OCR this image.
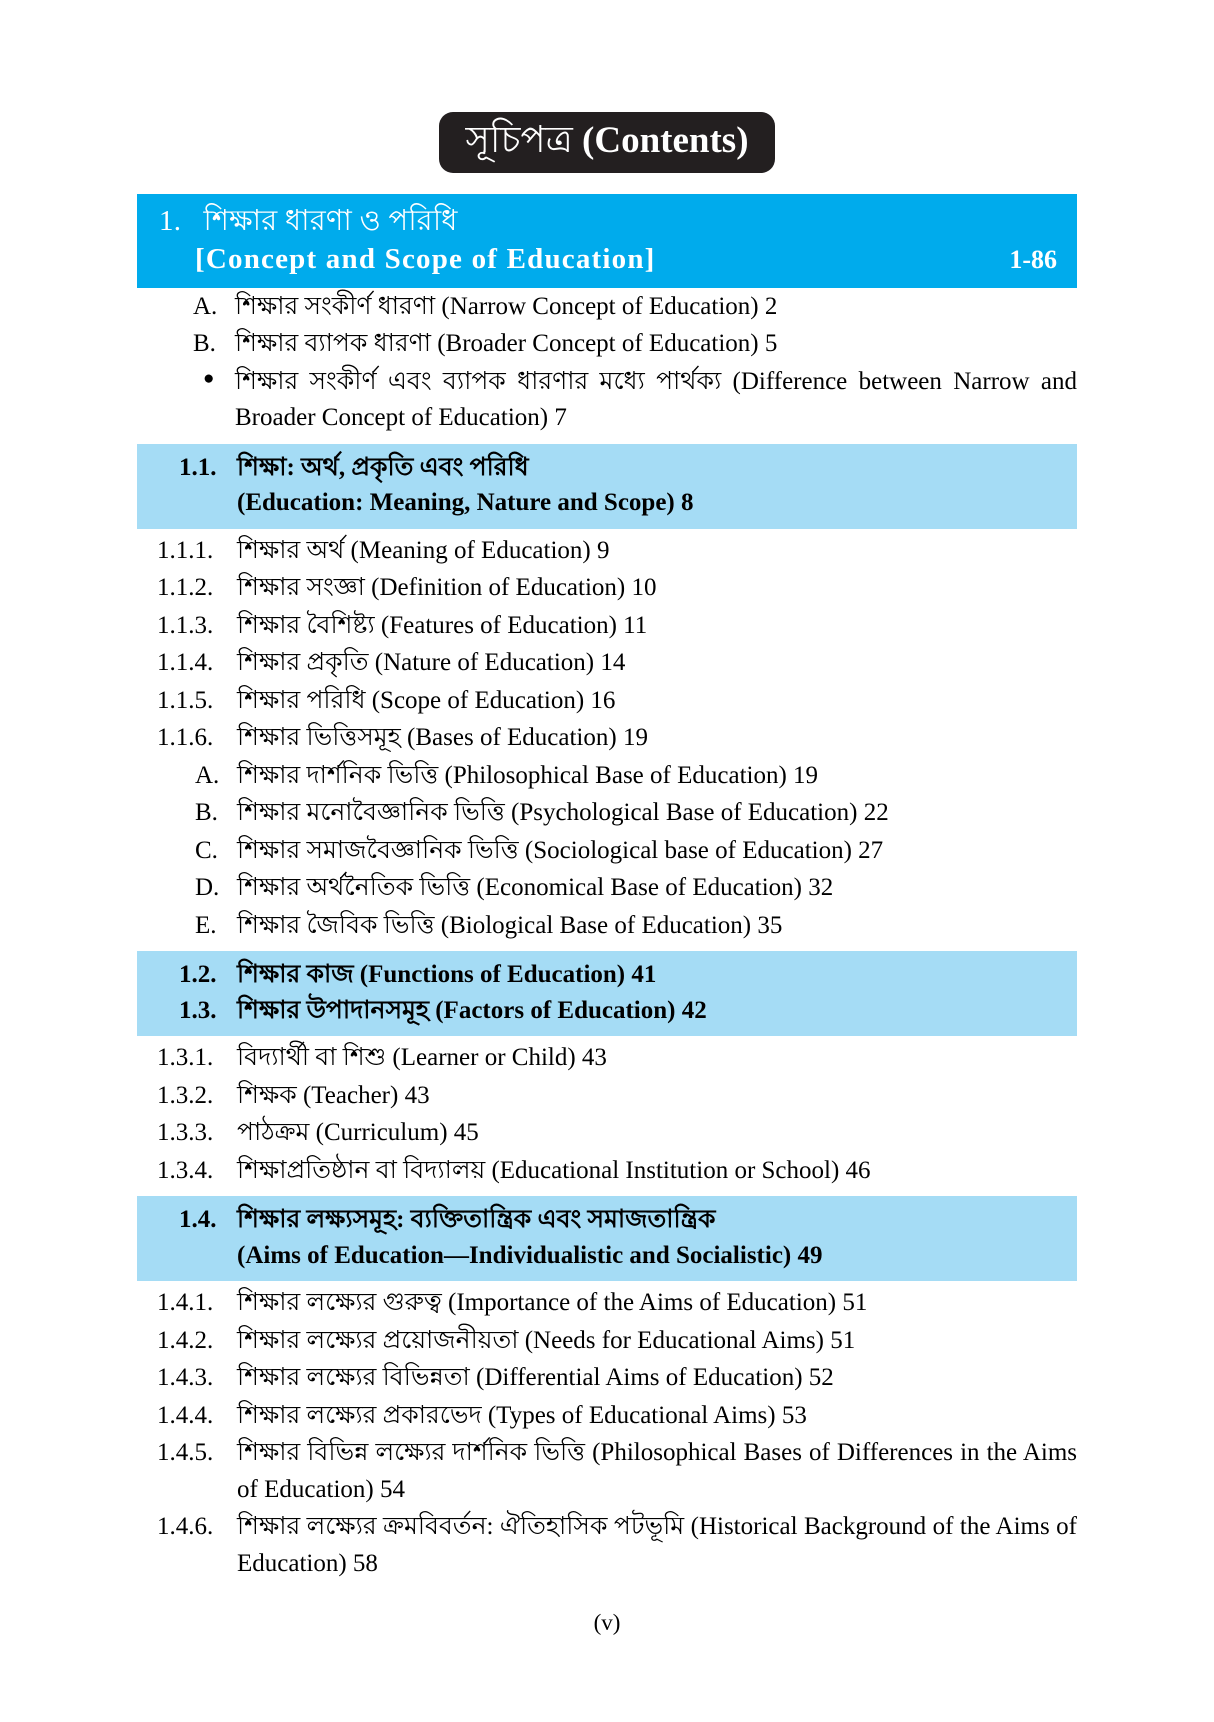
সূচিপত্র (Contents)
1. শিক্ষার ধারণা ও পরিধি
[Concept and Scope of Education]	1-86
A. শিক্ষার সংকীর্ণ ধারণা (Narrow Concept of Education) 2
B. শিক্ষার ব্যাপক ধারণা (Broader Concept of Education) 5
● শিক্ষার সংকীর্ণ এবং ব্যাপক ধারণার মধ্যে পার্থক্য (Difference between Narrow and Broader Concept of Education) 7
1.1. শিক্ষা: অর্থ, প্রকৃতি এবং পরিধি
(Education: Meaning, Nature and Scope) 8
1.1.1. শিক্ষার অর্থ (Meaning of Education) 9
1.1.2. শিক্ষার সংজ্ঞা (Definition of Education) 10
1.1.3. শিক্ষার বৈশিষ্ট্য (Features of Education) 11
1.1.4. শিক্ষার প্রকৃতি (Nature of Education) 14
1.1.5. শিক্ষার পরিধি (Scope of Education) 16
1.1.6. শিক্ষার ভিত্তিসমূহ (Bases of Education) 19
A. শিক্ষার দার্শনিক ভিত্তি (Philosophical Base of Education) 19
B. শিক্ষার মনোবৈজ্ঞানিক ভিত্তি (Psychological Base of Education) 22
C. শিক্ষার সমাজবৈজ্ঞানিক ভিত্তি (Sociological base of Education) 27
D. শিক্ষার অর্থনৈতিক ভিত্তি (Economical Base of Education) 32
E. শিক্ষার জৈবিক ভিত্তি (Biological Base of Education) 35
1.2. শিক্ষার কাজ (Functions of Education) 41
1.3. শিক্ষার উপাদানসমূহ (Factors of Education) 42
1.3.1. বিদ্যার্থী বা শিশু (Learner or Child) 43
1.3.2. শিক্ষক (Teacher) 43
1.3.3. পাঠক্রম (Curriculum) 45
1.3.4. শিক্ষাপ্রতিষ্ঠান বা বিদ্যালয় (Educational Institution or School) 46
1.4. শিক্ষার লক্ষ্যসমূহ: ব্যক্তিতান্ত্রিক এবং সমাজতান্ত্রিক
(Aims of Education—Individualistic and Socialistic) 49
1.4.1. শিক্ষার লক্ষ্যের গুরুত্ব (Importance of the Aims of Education) 51
1.4.2. শিক্ষার লক্ষ্যের প্রয়োজনীয়তা (Needs for Educational Aims) 51
1.4.3. শিক্ষার লক্ষ্যের বিভিন্নতা (Differential Aims of Education) 52
1.4.4. শিক্ষার লক্ষ্যের প্রকারভেদ (Types of Educational Aims) 53
1.4.5. শিক্ষার বিভিন্ন লক্ষ্যের দার্শনিক ভিত্তি (Philosophical Bases of Differences in the Aims of Education) 54
1.4.6. শিক্ষার লক্ষ্যের ক্রমবিবর্তন: ঐতিহাসিক পটভূমি (Historical Background of the Aims of Education) 58
(v)
